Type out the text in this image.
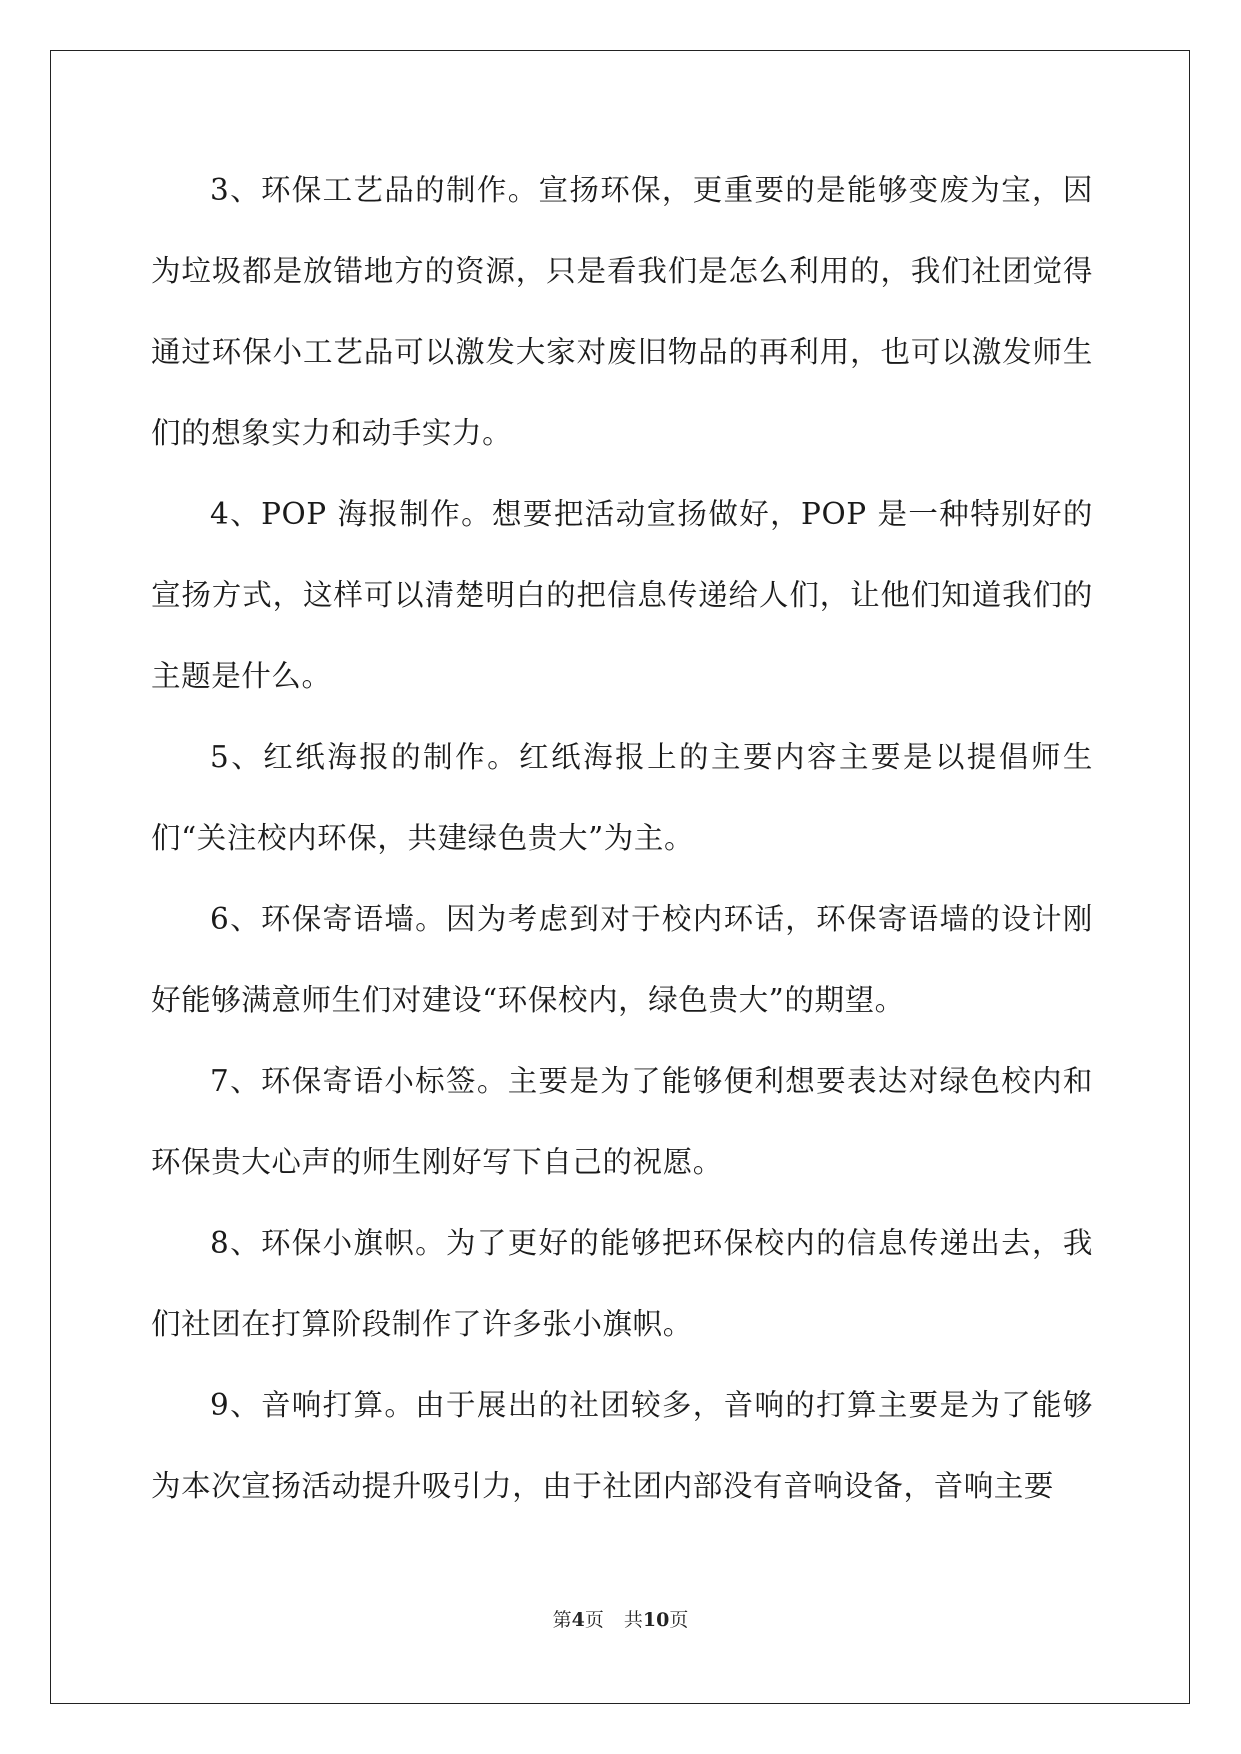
3、环保工艺品的制作。宣扬环保，更重要的是能够变废为宝，因为垃圾都是放错地方的资源，只是看我们是怎么利用的，我们社团觉得通过环保小工艺品可以激发大家对废旧物品的再利用，也可以激发师生们的想象实力和动手实力。

4、POP 海报制作。想要把活动宣扬做好，POP 是一种特别好的宣扬方式，这样可以清楚明白的把信息传递给人们，让他们知道我们的主题是什么。

5、红纸海报的制作。红纸海报上的主要内容主要是以提倡师生们“关注校内环保，共建绿色贵大”为主。

6、环保寄语墙。因为考虑到对于校内环话，环保寄语墙的设计刚好能够满意师生们对建设“环保校内，绿色贵大”的期望。

7、环保寄语小标签。主要是为了能够便利想要表达对绿色校内和环保贵大心声的师生刚好写下自己的祝愿。

8、环保小旗帜。为了更好的能够把环保校内的信息传递出去，我们社团在打算阶段制作了许多张小旗帜。

9、音响打算。由于展出的社团较多，音响的打算主要是为了能够为本次宣扬活动提升吸引力，由于社团内部没有音响设备，音响主要

第4页 共10页
